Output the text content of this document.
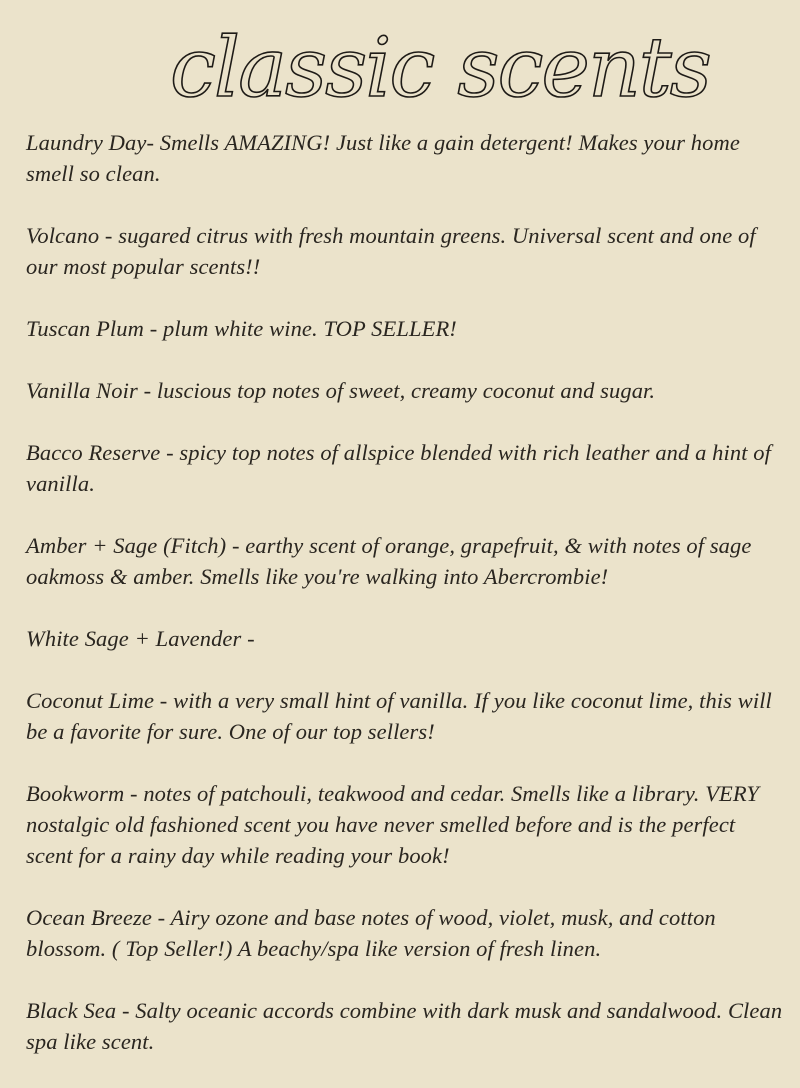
classic scents
Laundry Day- Smells AMAZING! Just like a gain detergent! Makes your home smell so clean.
Volcano - sugared citrus with fresh mountain greens. Universal scent and one of our most popular scents!!
Tuscan Plum - plum white wine. TOP SELLER!
Vanilla Noir - luscious top notes of sweet, creamy coconut and sugar.
Bacco Reserve - spicy top notes of allspice blended with rich leather and a hint of vanilla.
Amber + Sage (Fitch) - earthy scent of orange, grapefruit, & with notes of sage oakmoss & amber. Smells like you're walking into Abercrombie!
White Sage + Lavender -
Coconut Lime - with a very small hint of vanilla. If you like coconut lime, this will be a favorite for sure. One of our top sellers!
Bookworm - notes of patchouli, teakwood and cedar. Smells like a library. VERY nostalgic old fashioned scent you have never smelled before and is the perfect scent for a rainy day while reading your book!
Ocean Breeze - Airy ozone and base notes of wood, violet, musk, and cotton blossom. ( Top Seller!) A beachy/spa like version of fresh linen.
Black Sea - Salty oceanic accords combine with dark musk and sandalwood. Clean spa like scent.
